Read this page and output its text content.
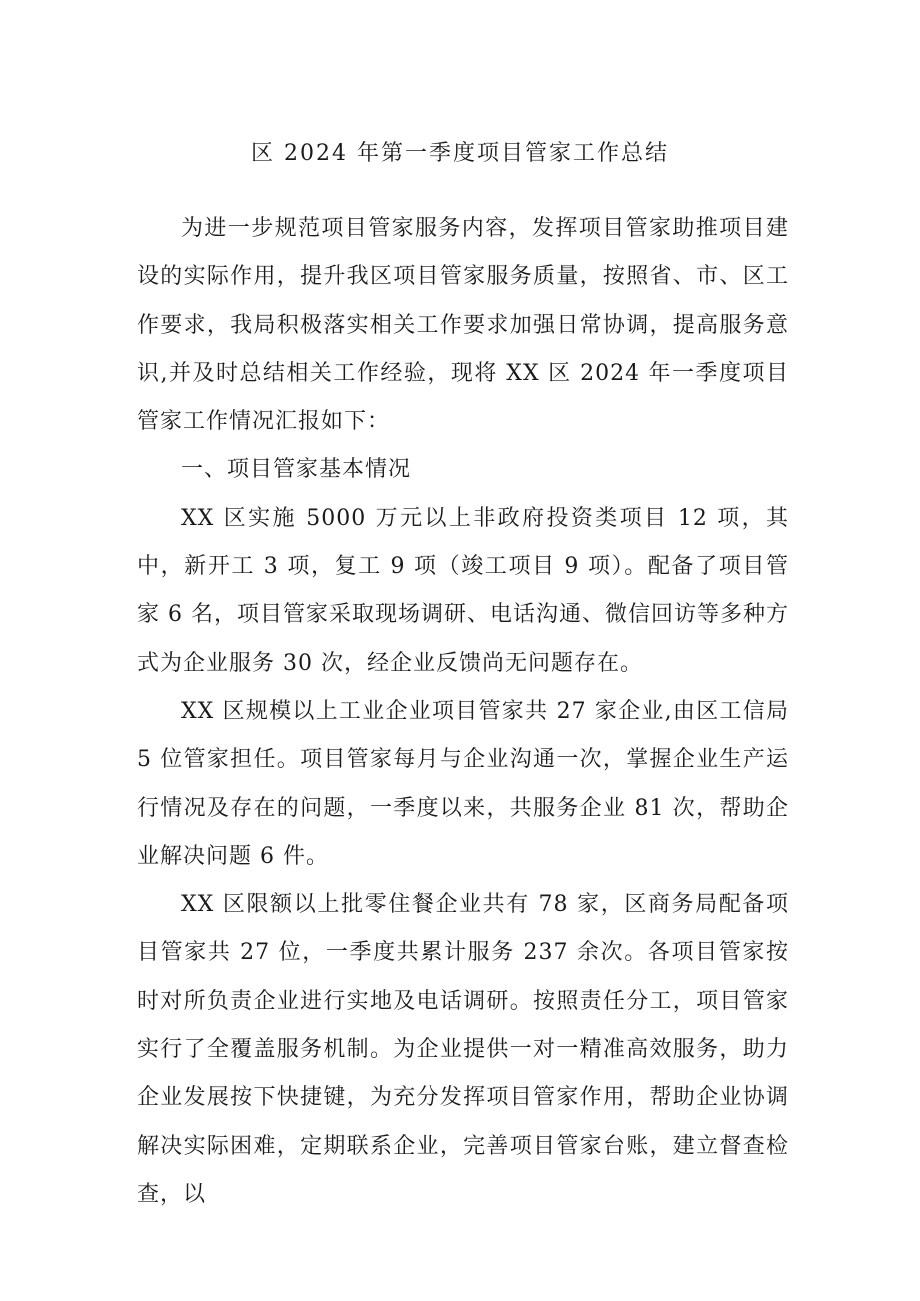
区 2024 年第一季度项目管家工作总结

为进一步规范项目管家服务内容，发挥项目管家助推项目建设的实际作用，提升我区项目管家服务质量，按照省、市、区工作要求，我局积极落实相关工作要求加强日常协调，提高服务意识,并及时总结相关工作经验，现将 XX 区 2024 年一季度项目管家工作情况汇报如下：

一、项目管家基本情况

XX 区实施 5000 万元以上非政府投资类项目 12 项，其中，新开工 3 项，复工 9 项（竣工项目 9 项）。配备了项目管家 6 名，项目管家采取现场调研、电话沟通、微信回访等多种方式为企业服务 30 次，经企业反馈尚无问题存在。

XX 区规模以上工业企业项目管家共 27 家企业,由区工信局 5 位管家担任。项目管家每月与企业沟通一次，掌握企业生产运行情况及存在的问题，一季度以来，共服务企业 81 次，帮助企业解决问题 6 件。

XX 区限额以上批零住餐企业共有 78 家，区商务局配备项目管家共 27 位，一季度共累计服务 237 余次。各项目管家按时对所负责企业进行实地及电话调研。按照责任分工，项目管家实行了全覆盖服务机制。为企业提供一对一精准高效服务，助力企业发展按下快捷键，为充分发挥项目管家作用，帮助企业协调解决实际困难，定期联系企业，完善项目管家台账，建立督查检查，以
